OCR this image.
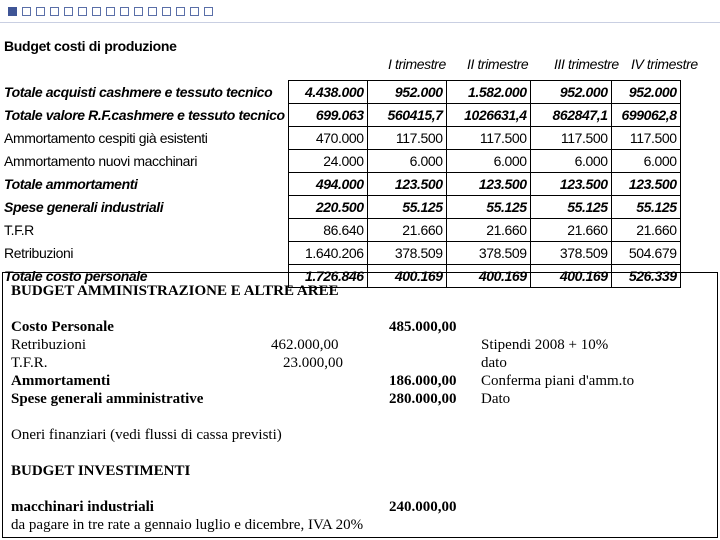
Budget costi di produzione
I trimestre II trimestre III trimestre IV trimestre
Totale acquisti cashmere e tessuto tecnico	4.438.000	952.000	1.582.000	952.000	952.000
Totale valore R.F.cashmere e tessuto tecnico	699.063	560415,7	1026631,4	862847,1	699062,8
Ammortamento cespiti già esistenti	470.000	117.500	117.500	117.500	117.500
Ammortamento nuovi macchinari	24.000	6.000	6.000	6.000	6.000
Totale ammortamenti	494.000	123.500	123.500	123.500	123.500
Spese generali industriali	220.500	55.125	55.125	55.125	55.125
T.F.R	86.640	21.660	21.660	21.660	21.660
Retribuzioni	1.640.206	378.509	378.509	378.509	504.679
Totale costo personale	1.726.846	400.169	400.169	400.169	526.339
BUDGET AMMINISTRAZIONE E ALTRE AREE
Costo Personale	485.000,00
Retribuzioni	462.000,00	Stipendi 2008 + 10%
T.F.R.	23.000,00	dato
Ammortamenti	186.000,00 Conferma piani d'amm.to
Spese generali amministrative	280.000,00 Dato
Oneri finanziari (vedi flussi di cassa previsti)
BUDGET INVESTIMENTI
macchinari industriali	240.000,00
da pagare in tre rate a gennaio luglio e dicembre, IVA 20%
